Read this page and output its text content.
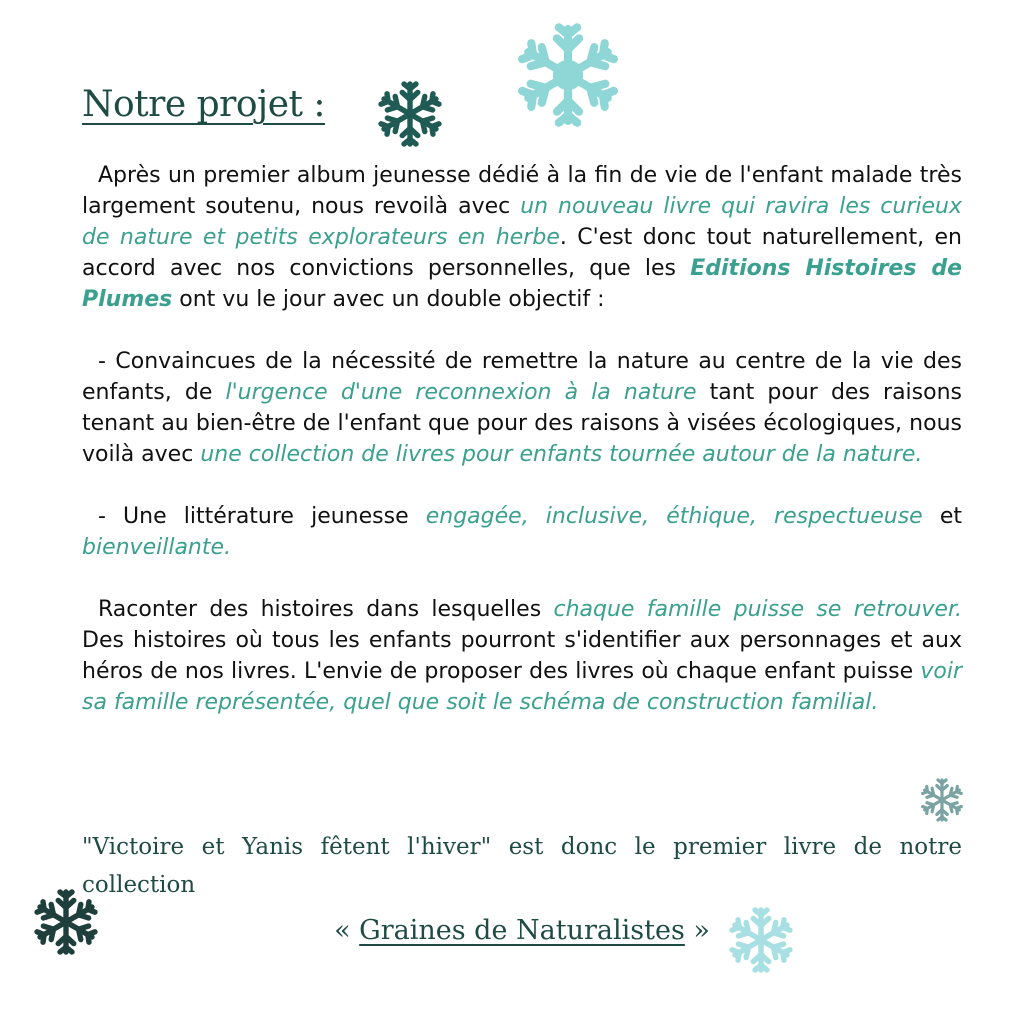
Notre projet :

Après un premier album jeunesse dédié à la fin de vie de l'enfant malade très largement soutenu, nous revoilà avec un nouveau livre qui ravira les curieux de nature et petits explorateurs en herbe. C'est donc tout naturellement, en accord avec nos convictions personnelles, que les Editions Histoires de Plumes ont vu le jour avec un double objectif :

- Convaincues de la nécessité de remettre la nature au centre de la vie des enfants, de l'urgence d'une reconnexion à la nature tant pour des raisons tenant au bien-être de l'enfant que pour des raisons à visées écologiques, nous voilà avec une collection de livres pour enfants tournée autour de la nature.

- Une littérature jeunesse engagée, inclusive, éthique, respectueuse et bienveillante.

Raconter des histoires dans lesquelles chaque famille puisse se retrouver. Des histoires où tous les enfants pourront s'identifier aux personnages et aux héros de nos livres. L'envie de proposer des livres où chaque enfant puisse voir sa famille représentée, quel que soit le schéma de construction familial.

"Victoire et Yanis fêtent l'hiver" est donc le premier livre de notre collection
« Graines de Naturalistes »
